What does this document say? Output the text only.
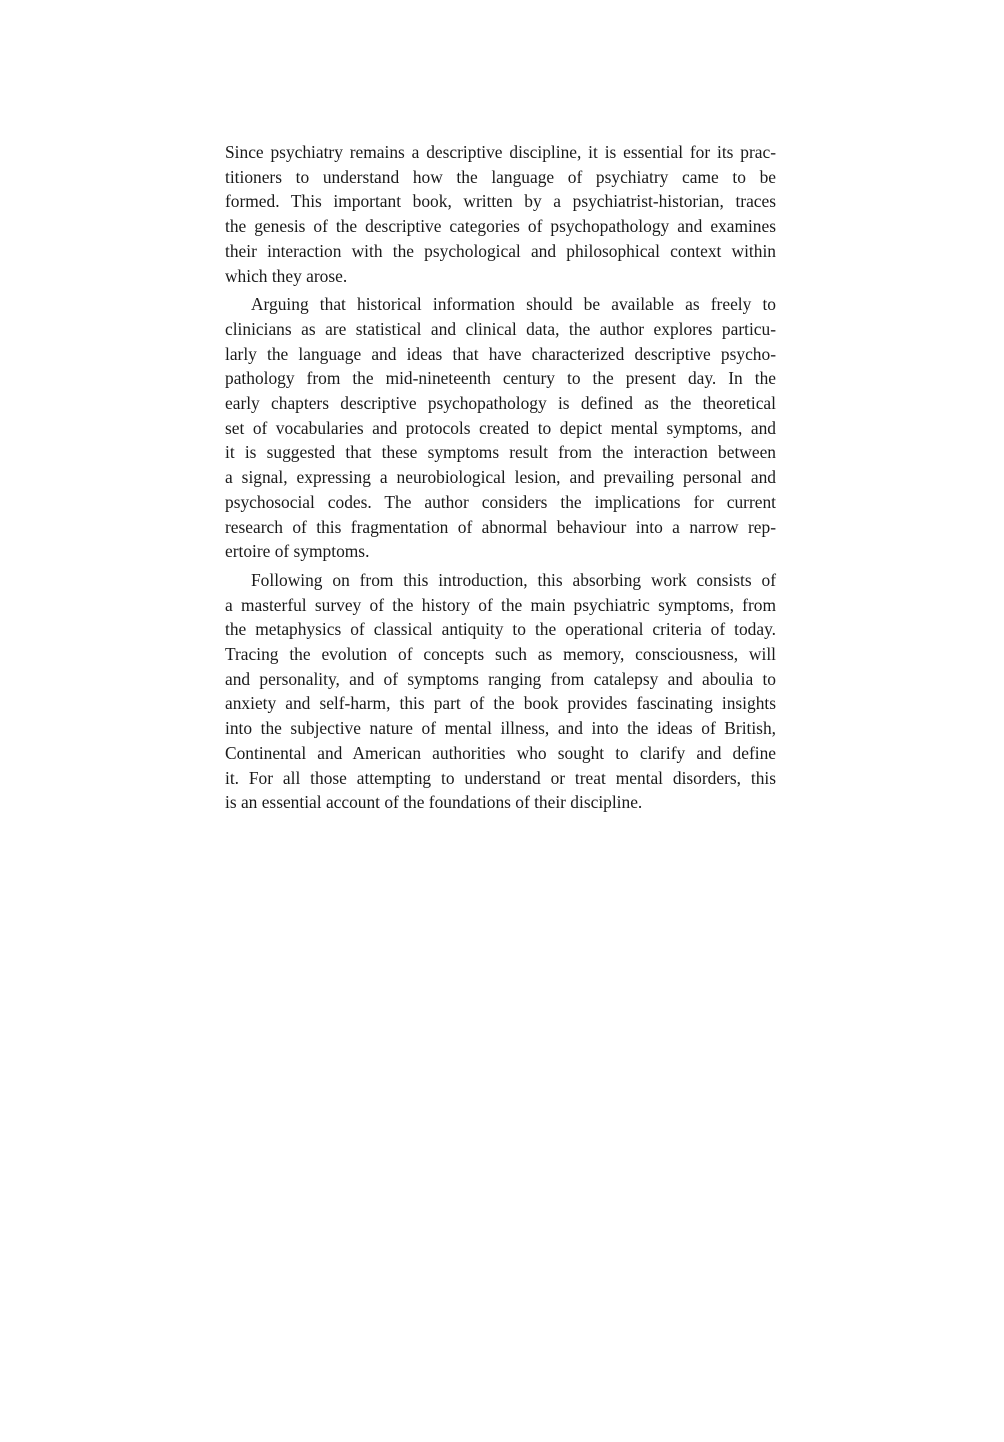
Since psychiatry remains a descriptive discipline, it is essential for its prac-
titioners to understand how the language of psychiatry came to be
formed. This important book, written by a psychiatrist-historian, traces
the genesis of the descriptive categories of psychopathology and examines
their interaction with the psychological and philosophical context within
which they arose.

Arguing that historical information should be available as freely to
clinicians as are statistical and clinical data, the author explores particu-
larly the language and ideas that have characterized descriptive psycho-
pathology from the mid-nineteenth century to the present day. In the
early chapters descriptive psychopathology is defined as the theoretical
set of vocabularies and protocols created to depict mental symptoms, and
it is suggested that these symptoms result from the interaction between
a signal, expressing a neurobiological lesion, and prevailing personal and
psychosocial codes. The author considers the implications for current
research of this fragmentation of abnormal behaviour into a narrow rep-
ertoire of symptoms.

Following on from this introduction, this absorbing work consists of
a masterful survey of the history of the main psychiatric symptoms, from
the metaphysics of classical antiquity to the operational criteria of today.
Tracing the evolution of concepts such as memory, consciousness, will
and personality, and of symptoms ranging from catalepsy and aboulia to
anxiety and self-harm, this part of the book provides fascinating insights
into the subjective nature of mental illness, and into the ideas of British,
Continental and American authorities who sought to clarify and define
it. For all those attempting to understand or treat mental disorders, this
is an essential account of the foundations of their discipline.
